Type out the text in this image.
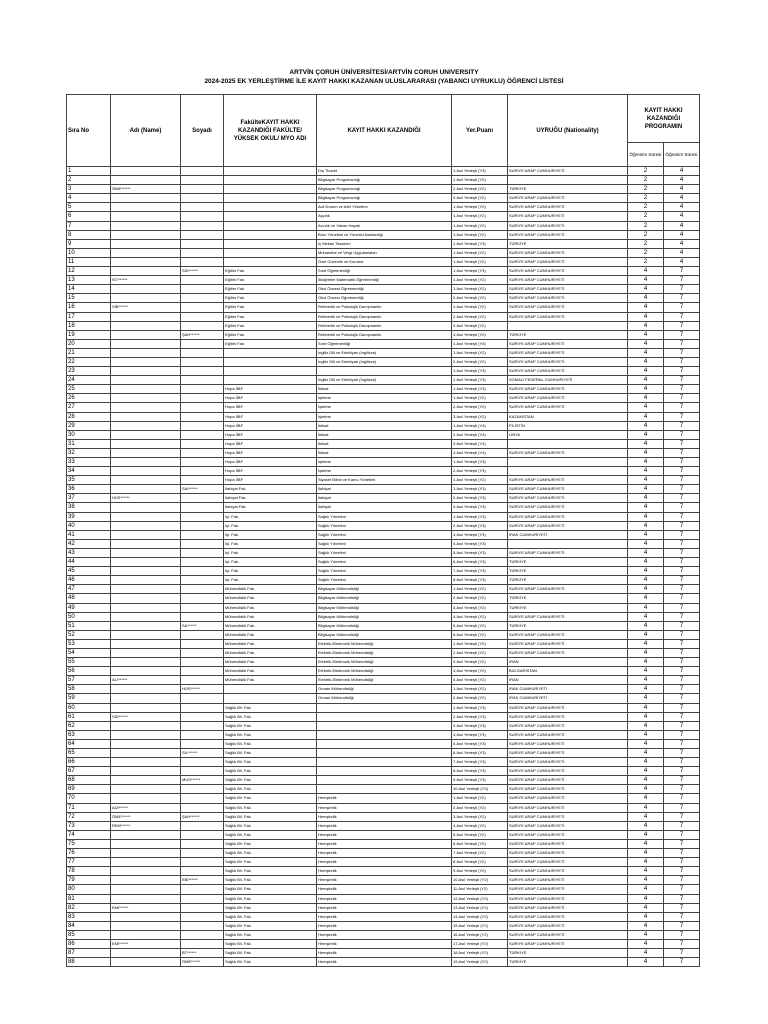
ARTVİN ÇORUH ÜNİVERSİTESİ/ARTVİN CORUH UNIVERSITY
2024-2025 EK YERLEŞTİRME İLE KAYIT HAKKI KAZANAN ULUSLARARASI (YABANCI UYRUKLU) ÖĞRENCİ LİSTESİ
Sıra No	Adı (Name)	Soyadı	FakülteKAYIT HAKKI KAZANDIĞI FAKÜLTE/ YÜKSEK OKUL/ MYO ADI	KAYIT HAKKI KAZANDIĞI	Yer.Puanı	UYRUĞU (Nationality)	KAYIT HAKKI KAZANDIĞI PROGRAMIN	
							Öğrenim Süresi	Öğrenim Süresi
1				Dış Ticaret	1.Asıl Yerleşti (Y3)	SURİYE ARAP CUMHURİYETİ	2	4
2				Bilgisayar Programcılığı	1.Asıl Yerleşti (Y2)		2	4
3	ÖME******			Bilgisayar Programcılığı	2.Asıl Yerleşti (Y2)	TÜRKİYE	2	4
4				Bilgisayar Programcılığı	3.Asıl Yerleşti (Y2)	SURİYE ARAP CUMHURİYETİ	2	4
5				Acil Durum ve Afet Yönetimi	1.Asıl Yerleşti (Y2)	SURİYE ARAP CUMHURİYETİ	2	4
6				Aşçılık	1.Asıl Yerleşti (Y2)	SURİYE ARAP CUMHURİYETİ	2	4
7				Avcılık ve Yaban Hayatı	1.Asıl Yerleşti (Y2)	SURİYE ARAP CUMHURİYETİ	2	4
8				Büro Yönetimi ve Yönetici Asistanlığı	1.Asıl Yerleşti (Y2)	SURİYE ARAP CUMHURİYETİ	2	4
9				İç Mekan Tasarımı	1.Asıl Yerleşti (Y3)	TÜRKİYE	2	4
10				Muhasebe ve Vergi Uygulamaları	1.Asıl Yerleşti (Y2)	SURİYE ARAP CUMHURİYETİ	2	4
11				Özel Güvenlik ve Koruma	1.Asıl Yerleşti (Y2)	SURİYE ARAP CUMHURİYETİ	2	4
12		SİD******	Eğitim Fak.	Sınıf Öğretmenliği	1.Asıl Yerleşti (Y3)	SURİYE ARAP CUMHURİYETİ	4	7
13	İST******		Eğitim Fak.	İlköğretim Matematik Öğretmenliği	1.Asıl Yerleşti (Y2)	SURİYE ARAP CUMHURİYETİ	4	7
14			Eğitim Fak.	Okul Öncesi Öğretmenliği	1.Asıl Yerleşti (Y2)	SURİYE ARAP CUMHURİYETİ	4	7
15			Eğitim Fak.	Okul Öncesi Öğretmenliği	2.Asıl Yerleşti (Y2)	SURİYE ARAP CUMHURİYETİ	4	7
16	SİB******		Eğitim Fak.	Rehberlik ve Psikolojik Danışmanlık	1.Asıl Yerleşti (Y2)	SURİYE ARAP CUMHURİYETİ	4	7
17			Eğitim Fak.	Rehberlik ve Psikolojik Danışmanlık	2.Asıl Yerleşti (Y2)	SURİYE ARAP CUMHURİYETİ	4	7
18			Eğitim Fak.	Rehberlik ve Psikolojik Danışmanlık	3.Asıl Yerleşti (Y2)		4	7
19		ŞAH******	Eğitim Fak.	Rehberlik ve Psikolojik Danışmanlık	4.Asıl Yerleşti (Y2)	TÜRKİYE	4	7
20			Eğitim Fak.	Sınıf Öğretmenliği	1.Asıl Yerleşti (Y4)	SURİYE ARAP CUMHURİYETİ	4	7
21				İngiliz Dili ve Edebiyatı (İngilizce)	1.Asıl Yerleşti (Y2)	SURİYE ARAP CUMHURİYETİ	4	7
22				İngiliz Dili ve Edebiyatı (İngilizce)	2.Asıl Yerleşti (Y2)	SURİYE ARAP CUMHURİYETİ	4	7
23					1.Asıl Yerleşti (Y3)	SURİYE ARAP CUMHURİYETİ	4	7
24				İngiliz Dili ve Edebiyatı (İngilizce)	1.Asıl Yerleşti (Y3)	SOMALİ FEDERAL CUMHURİYETİ	4	7
25			Hopa İİBF	İktisat	1.Asıl Yerleşti (Y3)	SURİYE ARAP CUMHURİYETİ	4	7
26			Hopa İİBF	İşletme	1.Asıl Yerleşti (Y2)	SURİYE ARAP CUMHURİYETİ	4	7
27			Hopa İİBF	İşletme	2.Asıl Yerleşti (Y2)	SURİYE ARAP CUMHURİYETİ	4	7
28			Hopa İİBF	İşletme	3.Asıl Yerleşti (Y2)	KAZAKİSTAN	4	7
29			Hopa İİBF	İktisat	1.Asıl Yerleşti (Y4)	FİLİSTİN	4	7
30			Hopa İİBF	İktisat	2.Asıl Yerleşti (Y4)	LİBYA	4	7
31			Hopa İİBF	İktisat	3.Asıl Yerleşti (Y4)		4	7
32			Hopa İİBF	İktisat	4.Asıl Yerleşti (Y4)	SURİYE ARAP CUMHURİYETİ	4	7
33			Hopa İİBF	İşletme	1.Asıl Yerleşti (Y3)		4	7
34			Hopa İİBF	İşletme	2.Asıl Yerleşti (Y3)		4	7
35			Hopa İİBF	Siyaset Bilimi ve Kamu Yönetimi	1.Asıl Yerleşti (Y2)	SURİYE ARAP CUMHURİYETİ	4	7
36		SAİ******	İlahiyat Fak.	İlahiyat	1.Asıl Yerleşti (Y3)	SURİYE ARAP CUMHURİYETİ	4	7
37	HÜS******		İlahiyat Fak.	İlahiyat	2.Asıl Yerleşti (Y3)	SURİYE ARAP CUMHURİYETİ	4	7
38			İlahiyat Fak.	İlahiyat	3.Asıl Yerleşti (Y3)	SURİYE ARAP CUMHURİYETİ	4	7
39			İşl. Fak.	Sağlık Yönetimi	1.Asıl Yerleşti (Y3)	SURİYE ARAP CUMHURİYETİ	4	7
40			İşl. Fak.	Sağlık Yönetimi	2.Asıl Yerleşti (Y3)	SURİYE ARAP CUMHURİYETİ	4	7
41			İşl. Fak.	Sağlık Yönetimi	3.Asıl Yerleşti (Y3)	IRAK CUMHURİYETİ	4	7
42			İşl. Fak.	Sağlık Yönetimi	4.Asıl Yerleşti (Y3)		4	7
43			İşl. Fak.	Sağlık Yönetimi	5.Asıl Yerleşti (Y3)	SURİYE ARAP CUMHURİYETİ	4	7
44			İşl. Fak.	Sağlık Yönetimi	6.Asıl Yerleşti (Y3)	TÜRKİYE	4	7
45			İşl. Fak.	Sağlık Yönetimi	7.Asıl Yerleşti (Y3)	TÜRKİYE	4	7
46			İşl. Fak.	Sağlık Yönetimi	8.Asıl Yerleşti (Y3)	TÜRKİYE	4	7
47			Mühendislik Fak.	Bilgisayar Mühendisliği	1.Asıl Yerleşti (Y2)	SURİYE ARAP CUMHURİYETİ	4	7
48			Mühendislik Fak.	Bilgisayar Mühendisliği	2.Asıl Yerleşti (Y2)	TÜRKİYE	4	7
49			Mühendislik Fak.	Bilgisayar Mühendisliği	3.Asıl Yerleşti (Y2)	TÜRKİYE	4	7
50			Mühendislik Fak.	Bilgisayar Mühendisliği	4.Asıl Yerleşti (Y2)	SURİYE ARAP CUMHURİYETİ	4	7
51		SA******	Mühendislik Fak.	Bilgisayar Mühendisliği	5.Asıl Yerleşti (Y2)	TÜRKİYE	4	7
52			Mühendislik Fak.	Bilgisayar Mühendisliği	6.Asıl Yerleşti (Y2)	SURİYE ARAP CUMHURİYETİ	4	7
53			Mühendislik Fak.	Elektrik-Elektronik Mühendisliği	1.Asıl Yerleşti (Y2)	SURİYE ARAP CUMHURİYETİ	4	7
54			Mühendislik Fak.	Elektrik-Elektronik Mühendisliği	2.Asıl Yerleşti (Y2)	SURİYE ARAP CUMHURİYETİ	4	7
55			Mühendislik Fak.	Elektrik-Elektronik Mühendisliği	3.Asıl Yerleşti (Y2)	IRAN	4	7
56			Mühendislik Fak.	Elektrik-Elektronik Mühendisliği	4.Asıl Yerleşti (Y2)	BULGARİSTAN	4	7
57	ALİ******		Mühendislik Fak.	Elektrik-Elektronik Mühendisliği	5.Asıl Yerleşti (Y2)	IRAN	4	7
58		HÜS******		Orman Mühendisliği	1.Asıl Yerleşti (Y2)	IRAK CUMHURİYETİ	4	7
59				Orman Mühendisliği	2.Asıl Yerleşti (Y2)	IRAK CUMHURİYETİ	4	7
60			Sağlık Bil. Fak.		1.Asıl Yerleşti (Y3)	SURİYE ARAP CUMHURİYETİ	4	7
61	SİD******		Sağlık Bil. Fak.		2.Asıl Yerleşti (Y3)	SURİYE ARAP CUMHURİYETİ	4	7
62			Sağlık Bil. Fak.		3.Asıl Yerleşti (Y3)	SURİYE ARAP CUMHURİYETİ	4	7
63			Sağlık Bil. Fak.		4.Asıl Yerleşti (Y3)	SURİYE ARAP CUMHURİYETİ	4	7
64			Sağlık Bil. Fak.		5.Asıl Yerleşti (Y3)	SURİYE ARAP CUMHURİYETİ	4	7
65		SİL******	Sağlık Bil. Fak.		6.Asıl Yerleşti (Y3)	SURİYE ARAP CUMHURİYETİ	4	7
66			Sağlık Bil. Fak.		7.Asıl Yerleşti (Y3)	SURİYE ARAP CUMHURİYETİ	4	7
67			Sağlık Bil. Fak.		8.Asıl Yerleşti (Y3)	SURİYE ARAP CUMHURİYETİ	4	7
68		MUS******	Sağlık Bil. Fak.		9.Asıl Yerleşti (Y3)	SURİYE ARAP CUMHURİYETİ	4	7
69			Sağlık Bil. Fak.		10.Asıl Yerleşti (Y3)	SURİYE ARAP CUMHURİYETİ	4	7
70			Sağlık Bil. Fak.	Hemşirelik	1.Asıl Yerleşti (Y2)	SURİYE ARAP CUMHURİYETİ	4	7
71	ADİ******		Sağlık Bil. Fak.	Hemşirelik	2.Asıl Yerleşti (Y2)	SURİYE ARAP CUMHURİYETİ	4	7
72	ÖME******	ŞAH******	Sağlık Bil. Fak.	Hemşirelik	3.Asıl Yerleşti (Y2)	SURİYE ARAP CUMHURİYETİ	4	7
73	REM******		Sağlık Bil. Fak.	Hemşirelik	4.Asıl Yerleşti (Y2)	SURİYE ARAP CUMHURİYETİ	4	7
74			Sağlık Bil. Fak.	Hemşirelik	5.Asıl Yerleşti (Y2)	SURİYE ARAP CUMHURİYETİ	4	7
75			Sağlık Bil. Fak.	Hemşirelik	6.Asıl Yerleşti (Y2)	SURİYE ARAP CUMHURİYETİ	4	7
76			Sağlık Bil. Fak.	Hemşirelik	7.Asıl Yerleşti (Y2)	SURİYE ARAP CUMHURİYETİ	4	7
77			Sağlık Bil. Fak.	Hemşirelik	8.Asıl Yerleşti (Y2)	SURİYE ARAP CUMHURİYETİ	4	7
78			Sağlık Bil. Fak.	Hemşirelik	9.Asıl Yerleşti (Y2)	SURİYE ARAP CUMHURİYETİ	4	7
79		EBİ******	Sağlık Bil. Fak.	Hemşirelik	10.Asıl Yerleşti (Y2)	SURİYE ARAP CUMHURİYETİ	4	7
80			Sağlık Bil. Fak.	Hemşirelik	11.Asıl Yerleşti (Y2)	SURİYE ARAP CUMHURİYETİ	4	7
81			Sağlık Bil. Fak.	Hemşirelik	12.Asıl Yerleşti (Y2)	SURİYE ARAP CUMHURİYETİ	4	7
82	EMİ******		Sağlık Bil. Fak.	Hemşirelik	13.Asıl Yerleşti (Y2)	SURİYE ARAP CUMHURİYETİ	4	7
83			Sağlık Bil. Fak.	Hemşirelik	14.Asıl Yerleşti (Y2)	SURİYE ARAP CUMHURİYETİ	4	7
84			Sağlık Bil. Fak.	Hemşirelik	15.Asıl Yerleşti (Y2)	SURİYE ARAP CUMHURİYETİ	4	7
85			Sağlık Bil. Fak.	Hemşirelik	16.Asıl Yerleşti (Y2)	SURİYE ARAP CUMHURİYETİ	4	7
86	EMİ******		Sağlık Bil. Fak.	Hemşirelik	17.Asıl Yerleşti (Y2)	SURİYE ARAP CUMHURİYETİ	4	7
87		BT******	Sağlık Bil. Fak.	Hemşirelik	18.Asıl Yerleşti (Y2)	TÜRKİYE	4	7
88		ÖME******	Sağlık Bil. Fak.	Hemşirelik	19.Asıl Yerleşti (Y2)	TÜRKİYE	4	7
